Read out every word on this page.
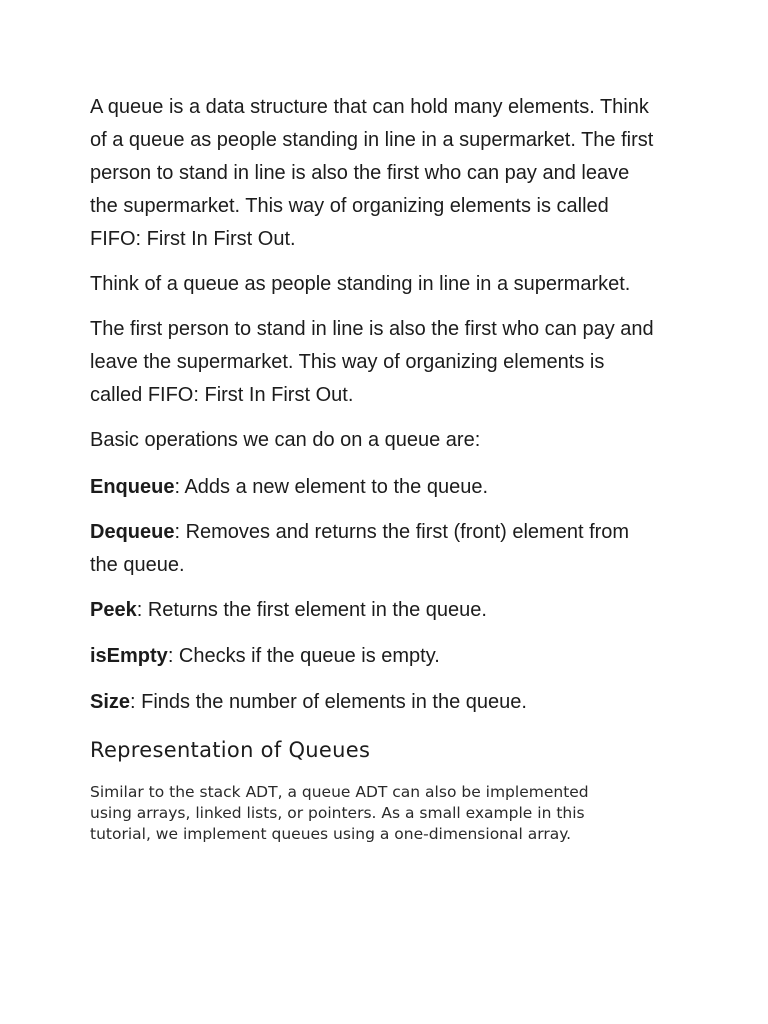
A queue is a data structure that can hold many elements. Think
of a queue as people standing in line in a supermarket. The first
person to stand in line is also the first who can pay and leave
the supermarket. This way of organizing elements is called
FIFO: First In First Out.

Think of a queue as people standing in line in a supermarket.

The first person to stand in line is also the first who can pay and
leave the supermarket. This way of organizing elements is
called FIFO: First In First Out.

Basic operations we can do on a queue are:

Enqueue: Adds a new element to the queue.

Dequeue: Removes and returns the first (front) element from
the queue.

Peek: Returns the first element in the queue.

isEmpty: Checks if the queue is empty.

Size: Finds the number of elements in the queue.

Representation of Queues

Similar to the stack ADT, a queue ADT can also be implemented
using arrays, linked lists, or pointers. As a small example in this
tutorial, we implement queues using a one-dimensional array.
